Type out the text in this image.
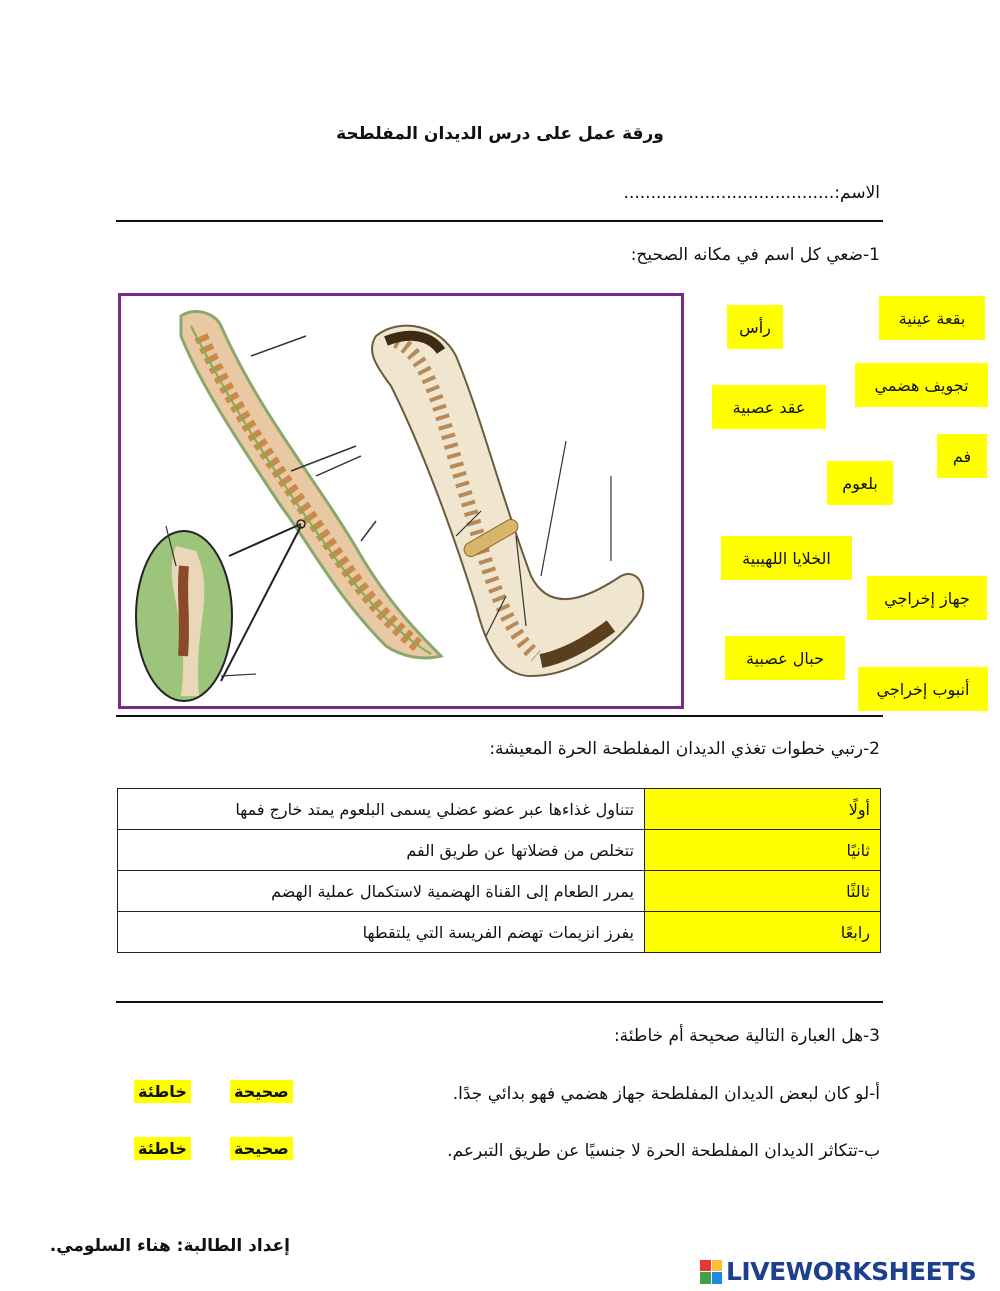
ورقة عمل على درس الديدان المفلطحة
الاسم:.......................................
1-ضعي كل اسم في مكانه الصحيح:
بقعة عينية
رأس
تجويف هضمي
عقد عصبية
فم
بلعوم
الخلايا اللهيبية
جهاز إخراجي
حبال عصبية
أنبوب إخراجي
2-رتبي خطوات تغذي الديدان المفلطحة الحرة المعيشة:
أولًا	تتناول غذاءها عبر عضو عضلي يسمى البلعوم يمتد خارج فمها
ثانيًا	تتخلص من فضلاتها عن طريق الفم
ثالثًا	يمرر الطعام إلى القناة الهضمية لاستكمال عملية الهضم
رابعًا	يفرز انزيمات تهضم الفريسة التي يلتقطها
3-هل العبارة التالية صحيحة أم خاطئة:
أ-لو كان لبعض الديدان المفلطحة جهاز هضمي فهو بدائي جدًا.
صحيحة
خاطئة
ب-تتكاثر الديدان المفلطحة الحرة لا جنسيًا عن طريق التبرعم.
صحيحة
خاطئة
إعداد الطالبة: هناء السلومي.
LIVEWORKSHEETS
